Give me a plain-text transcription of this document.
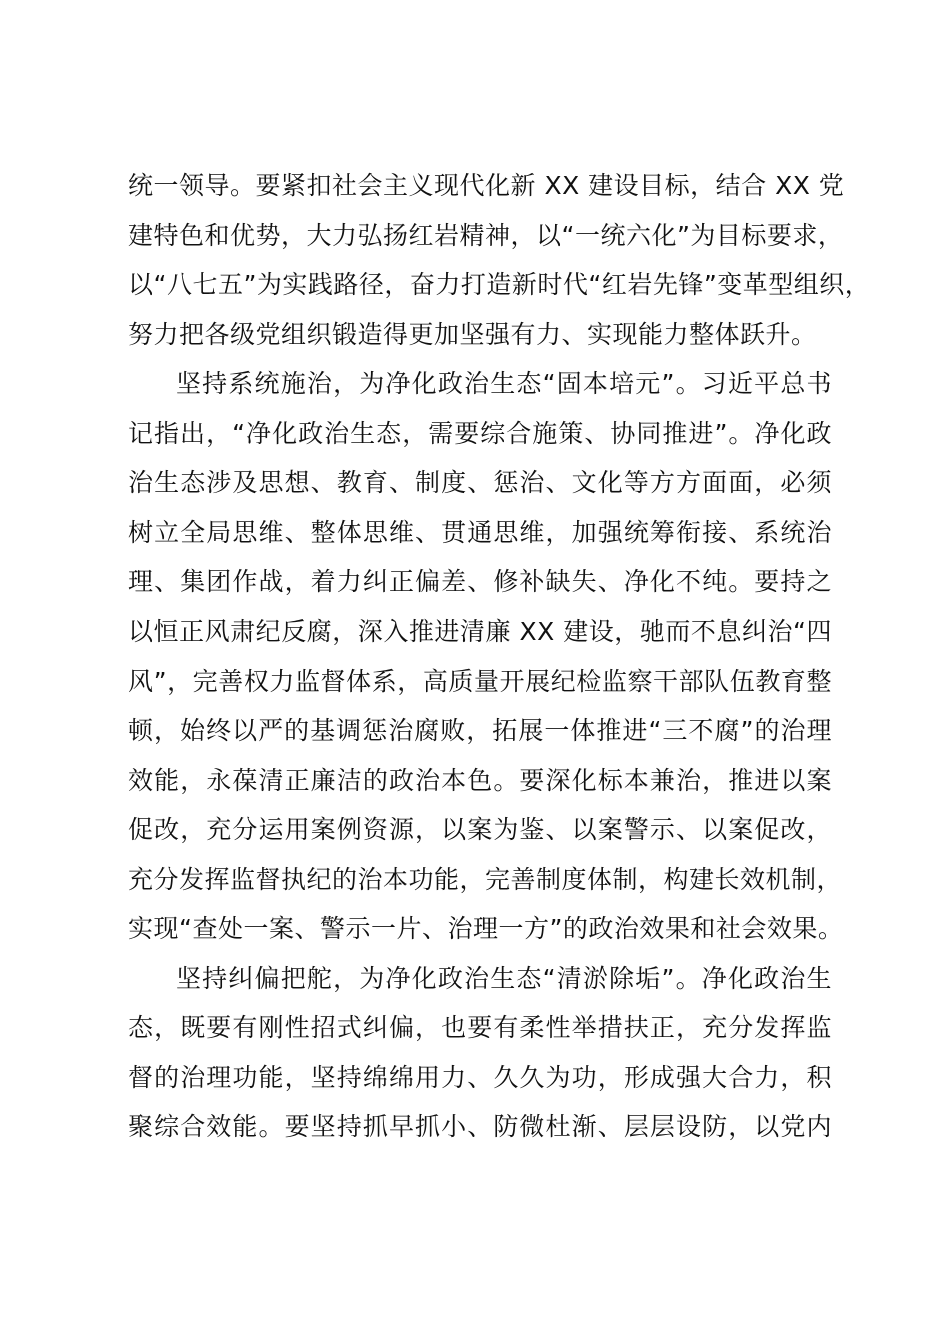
统一领导。要紧扣社会主义现代化新 XX 建设目标，结合 XX 党
建特色和优势，大力弘扬红岩精神，以“一统六化”为目标要求，
以“八七五”为实践路径，奋力打造新时代“红岩先锋”变革型组织，
努力把各级党组织锻造得更加坚强有力、实现能力整体跃升。
坚持系统施治，为净化政治生态“固本培元”。习近平总书
记指出，“净化政治生态，需要综合施策、协同推进”。净化政
治生态涉及思想、教育、制度、惩治、文化等方方面面，必须
树立全局思维、整体思维、贯通思维，加强统筹衔接、系统治
理、集团作战，着力纠正偏差、修补缺失、净化不纯。要持之
以恒正风肃纪反腐，深入推进清廉 XX 建设，驰而不息纠治“四
风”，完善权力监督体系，高质量开展纪检监察干部队伍教育整
顿，始终以严的基调惩治腐败，拓展一体推进“三不腐”的治理
效能，永葆清正廉洁的政治本色。要深化标本兼治，推进以案
促改，充分运用案例资源，以案为鉴、以案警示、以案促改，
充分发挥监督执纪的治本功能，完善制度体制，构建长效机制，
实现“查处一案、警示一片、治理一方”的政治效果和社会效果。
坚持纠偏把舵，为净化政治生态“清淤除垢”。净化政治生
态，既要有刚性招式纠偏，也要有柔性举措扶正，充分发挥监
督的治理功能，坚持绵绵用力、久久为功，形成强大合力，积
聚综合效能。要坚持抓早抓小、防微杜渐、层层设防，以党内
